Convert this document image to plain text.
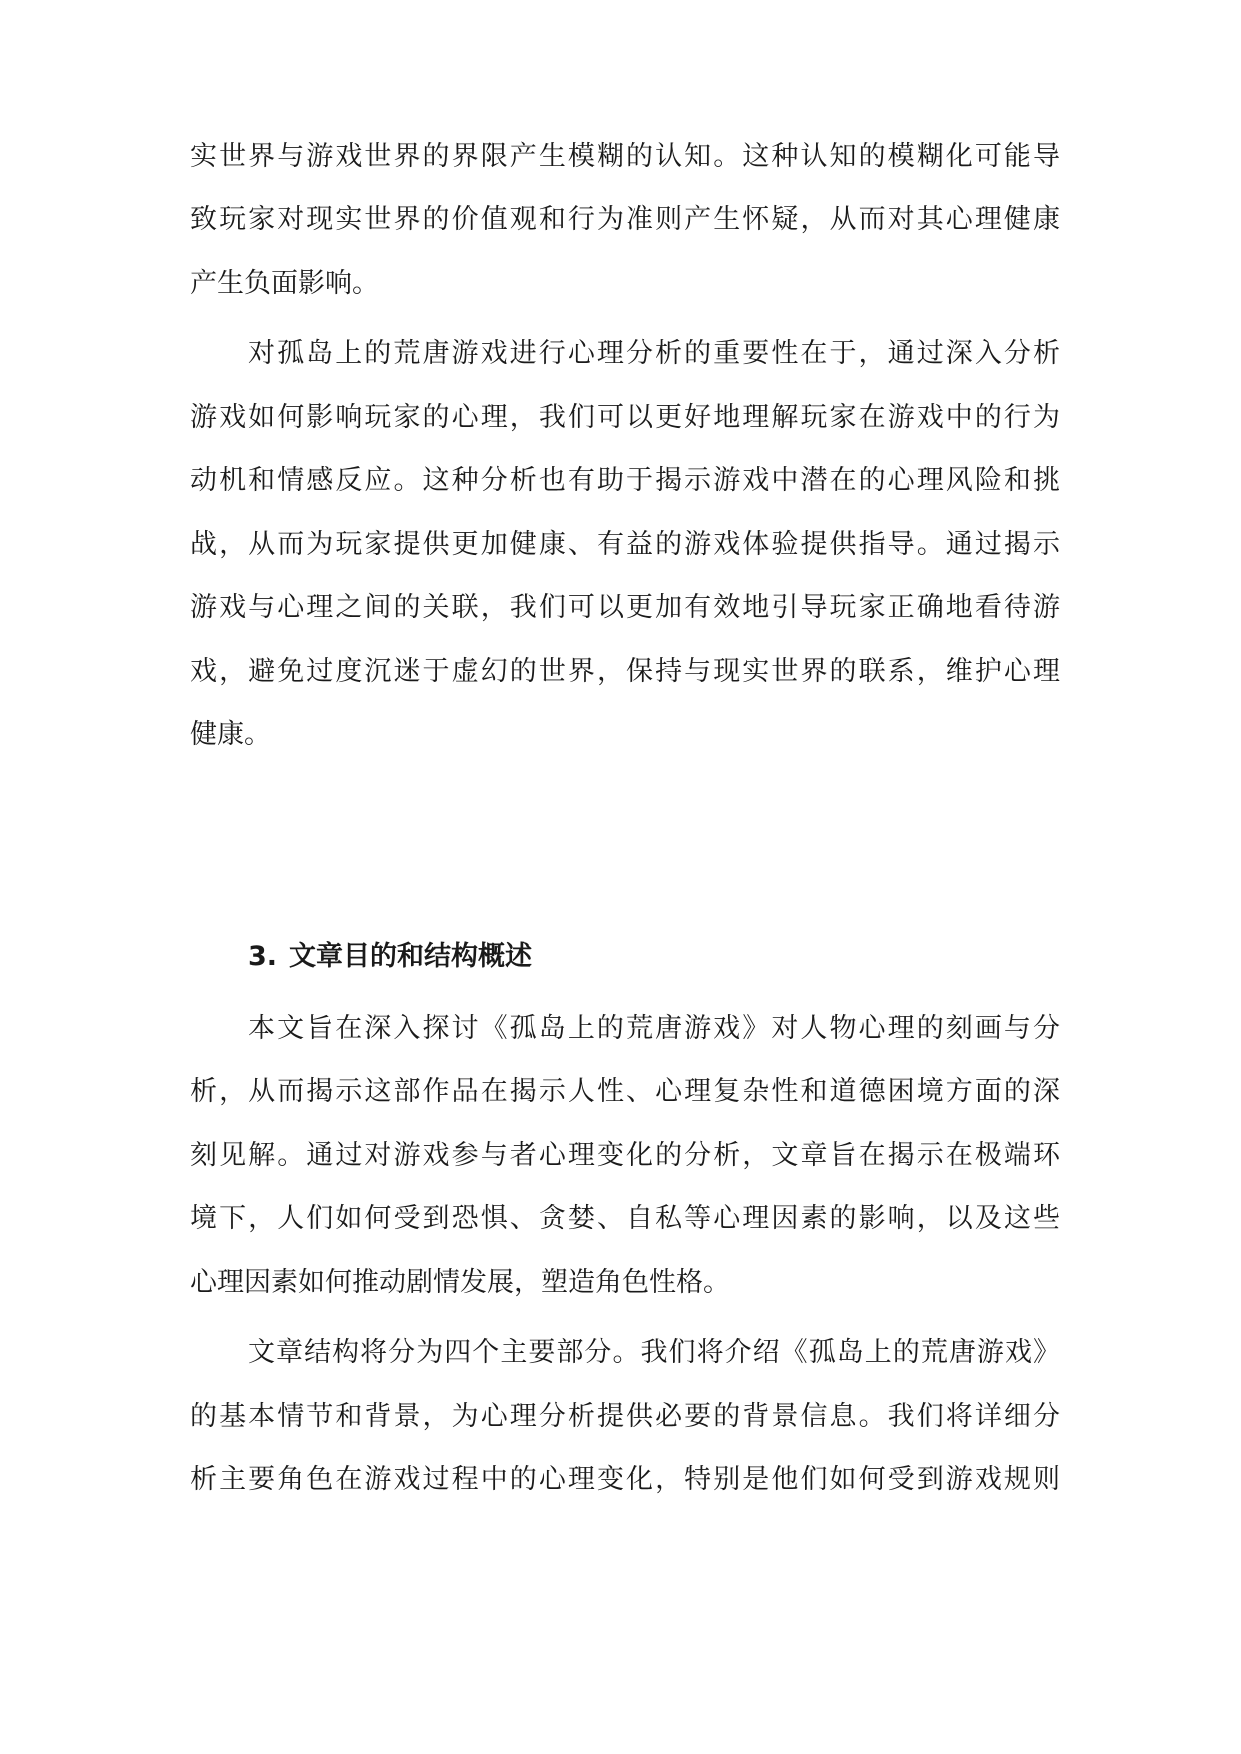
实世界与游戏世界的界限产生模糊的认知。这种认知的模糊化可能导
致玩家对现实世界的价值观和行为准则产生怀疑，从而对其心理健康
产生负面影响。
对孤岛上的荒唐游戏进行心理分析的重要性在于，通过深入分析
游戏如何影响玩家的心理，我们可以更好地理解玩家在游戏中的行为
动机和情感反应。这种分析也有助于揭示游戏中潜在的心理风险和挑
战，从而为玩家提供更加健康、有益的游戏体验提供指导。通过揭示
游戏与心理之间的关联，我们可以更加有效地引导玩家正确地看待游
戏，避免过度沉迷于虚幻的世界，保持与现实世界的联系，维护心理
健康。
3. 文章目的和结构概述
本文旨在深入探讨《孤岛上的荒唐游戏》对人物心理的刻画与分
析，从而揭示这部作品在揭示人性、心理复杂性和道德困境方面的深
刻见解。通过对游戏参与者心理变化的分析，文章旨在揭示在极端环
境下，人们如何受到恐惧、贪婪、自私等心理因素的影响，以及这些
心理因素如何推动剧情发展，塑造角色性格。
文章结构将分为四个主要部分。我们将介绍《孤岛上的荒唐游戏》
的基本情节和背景，为心理分析提供必要的背景信息。我们将详细分
析主要角色在游戏过程中的心理变化，特别是他们如何受到游戏规则
